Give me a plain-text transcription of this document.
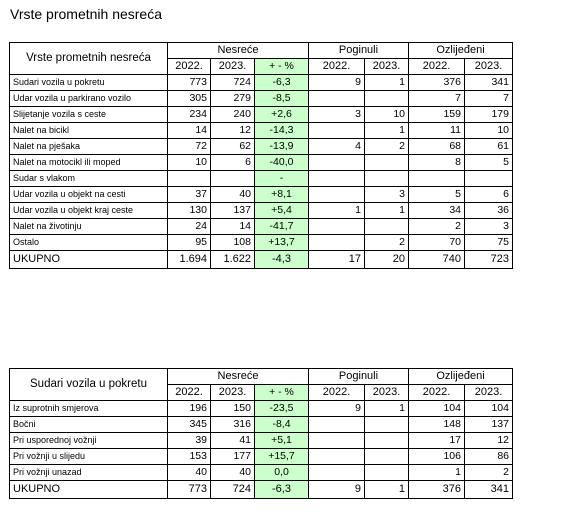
Vrste prometnih nesreća
Vrste prometnih nesreća	Nesreće			Poginuli		Ozlijeđeni	
	2022.	2023.	+ - %	2022.	2023.	2022.	2023.
Sudari vozila u pokretu	773	724	-6,3	9	1	376	341
Udar vozila u parkirano vozilo	305	279	-8,5			7	7
Slijetanje vozila s ceste	234	240	+2,6	3	10	159	179
Nalet na bicikl	14	12	-14,3		1	11	10
Nalet na pješaka	72	62	-13,9	4	2	68	61
Nalet na motocikl ili moped	10	6	-40,0			8	5
Sudar s vlakom			-				
Udar vozila u objekt na cesti	37	40	+8,1		3	5	6
Udar vozila u objekt kraj ceste	130	137	+5,4	1	1	34	36
Nalet na životinju	24	14	-41,7			2	3
Ostalo	95	108	+13,7		2	70	75
UKUPNO	1.694	1.622	-4,3	17	20	740	723
Sudari vozila u pokretu	Nesreće			Poginuli		Ozlijeđeni	
	2022.	2023.	+ - %	2022.	2023.	2022.	2023.
Iz suprotnih smjerova	196	150	-23,5	9	1	104	104
Bočni	345	316	-8,4			148	137
Pri usporednoj vožnji	39	41	+5,1			17	12
Pri vožnji u slijedu	153	177	+15,7			106	86
Pri vožnji unazad	40	40	0,0			1	2
UKUPNO	773	724	-6,3	9	1	376	341
